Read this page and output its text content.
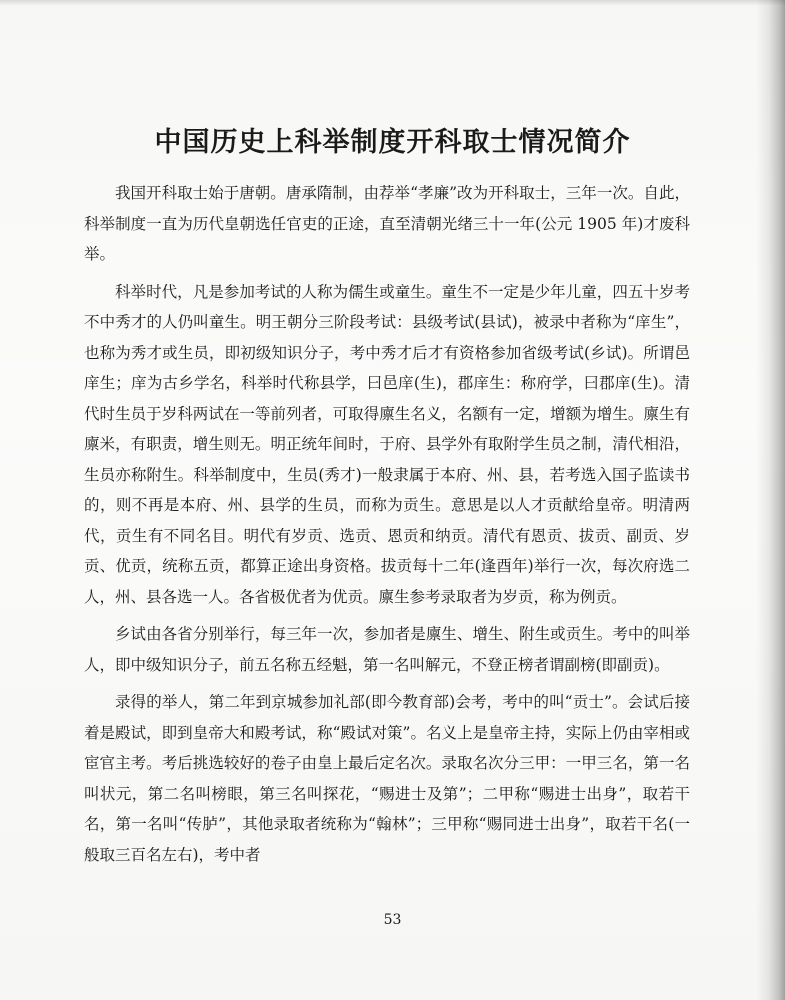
中国历史上科举制度开科取士情况简介

我国开科取士始于唐朝。唐承隋制，由荐举“孝廉”改为开科取士，三年一次。自此，科举制度一直为历代皇朝选任官吏的正途，直至清朝光绪三十一年(公元 1905 年)才废科举。

科举时代，凡是参加考试的人称为儒生或童生。童生不一定是少年儿童，四五十岁考不中秀才的人仍叫童生。明王朝分三阶段考试：县级考试(县试)，被录中者称为“庠生”，也称为秀才或生员，即初级知识分子，考中秀才后才有资格参加省级考试(乡试)。所谓邑庠生；庠为古乡学名，科举时代称县学，曰邑庠(生)，郡庠生：称府学，曰郡庠(生)。清代时生员于岁科两试在一等前列者，可取得廪生名义，名额有一定，增额为增生。廪生有廪米，有职责，增生则无。明正统年间时，于府、县学外有取附学生员之制，清代相沿，生员亦称附生。科举制度中，生员(秀才)一般隶属于本府、州、县，若考选入国子监读书的，则不再是本府、州、县学的生员，而称为贡生。意思是以人才贡献给皇帝。明清两代，贡生有不同名目。明代有岁贡、选贡、恩贡和纳贡。清代有恩贡、拔贡、副贡、岁贡、优贡，统称五贡，都算正途出身资格。拔贡每十二年(逢酉年)举行一次，每次府选二人，州、县各选一人。各省极优者为优贡。廪生参考录取者为岁贡，称为例贡。

乡试由各省分别举行，每三年一次，参加者是廪生、增生、附生或贡生。考中的叫举人，即中级知识分子，前五名称五经魁，第一名叫解元，不登正榜者谓副榜(即副贡)。

录得的举人，第二年到京城参加礼部(即今教育部)会考，考中的叫“贡士”。会试后接着是殿试，即到皇帝大和殿考试，称“殿试对策”。名义上是皇帝主持，实际上仍由宰相或宦官主考。考后挑选较好的卷子由皇上最后定名次。录取名次分三甲：一甲三名，第一名叫状元，第二名叫榜眼，第三名叫探花，“赐进士及第”；二甲称“赐进士出身”，取若干名，第一名叫“传胪”，其他录取者统称为“翰林”；三甲称“赐同进士出身”，取若干名(一般取三百名左右)，考中者

53
